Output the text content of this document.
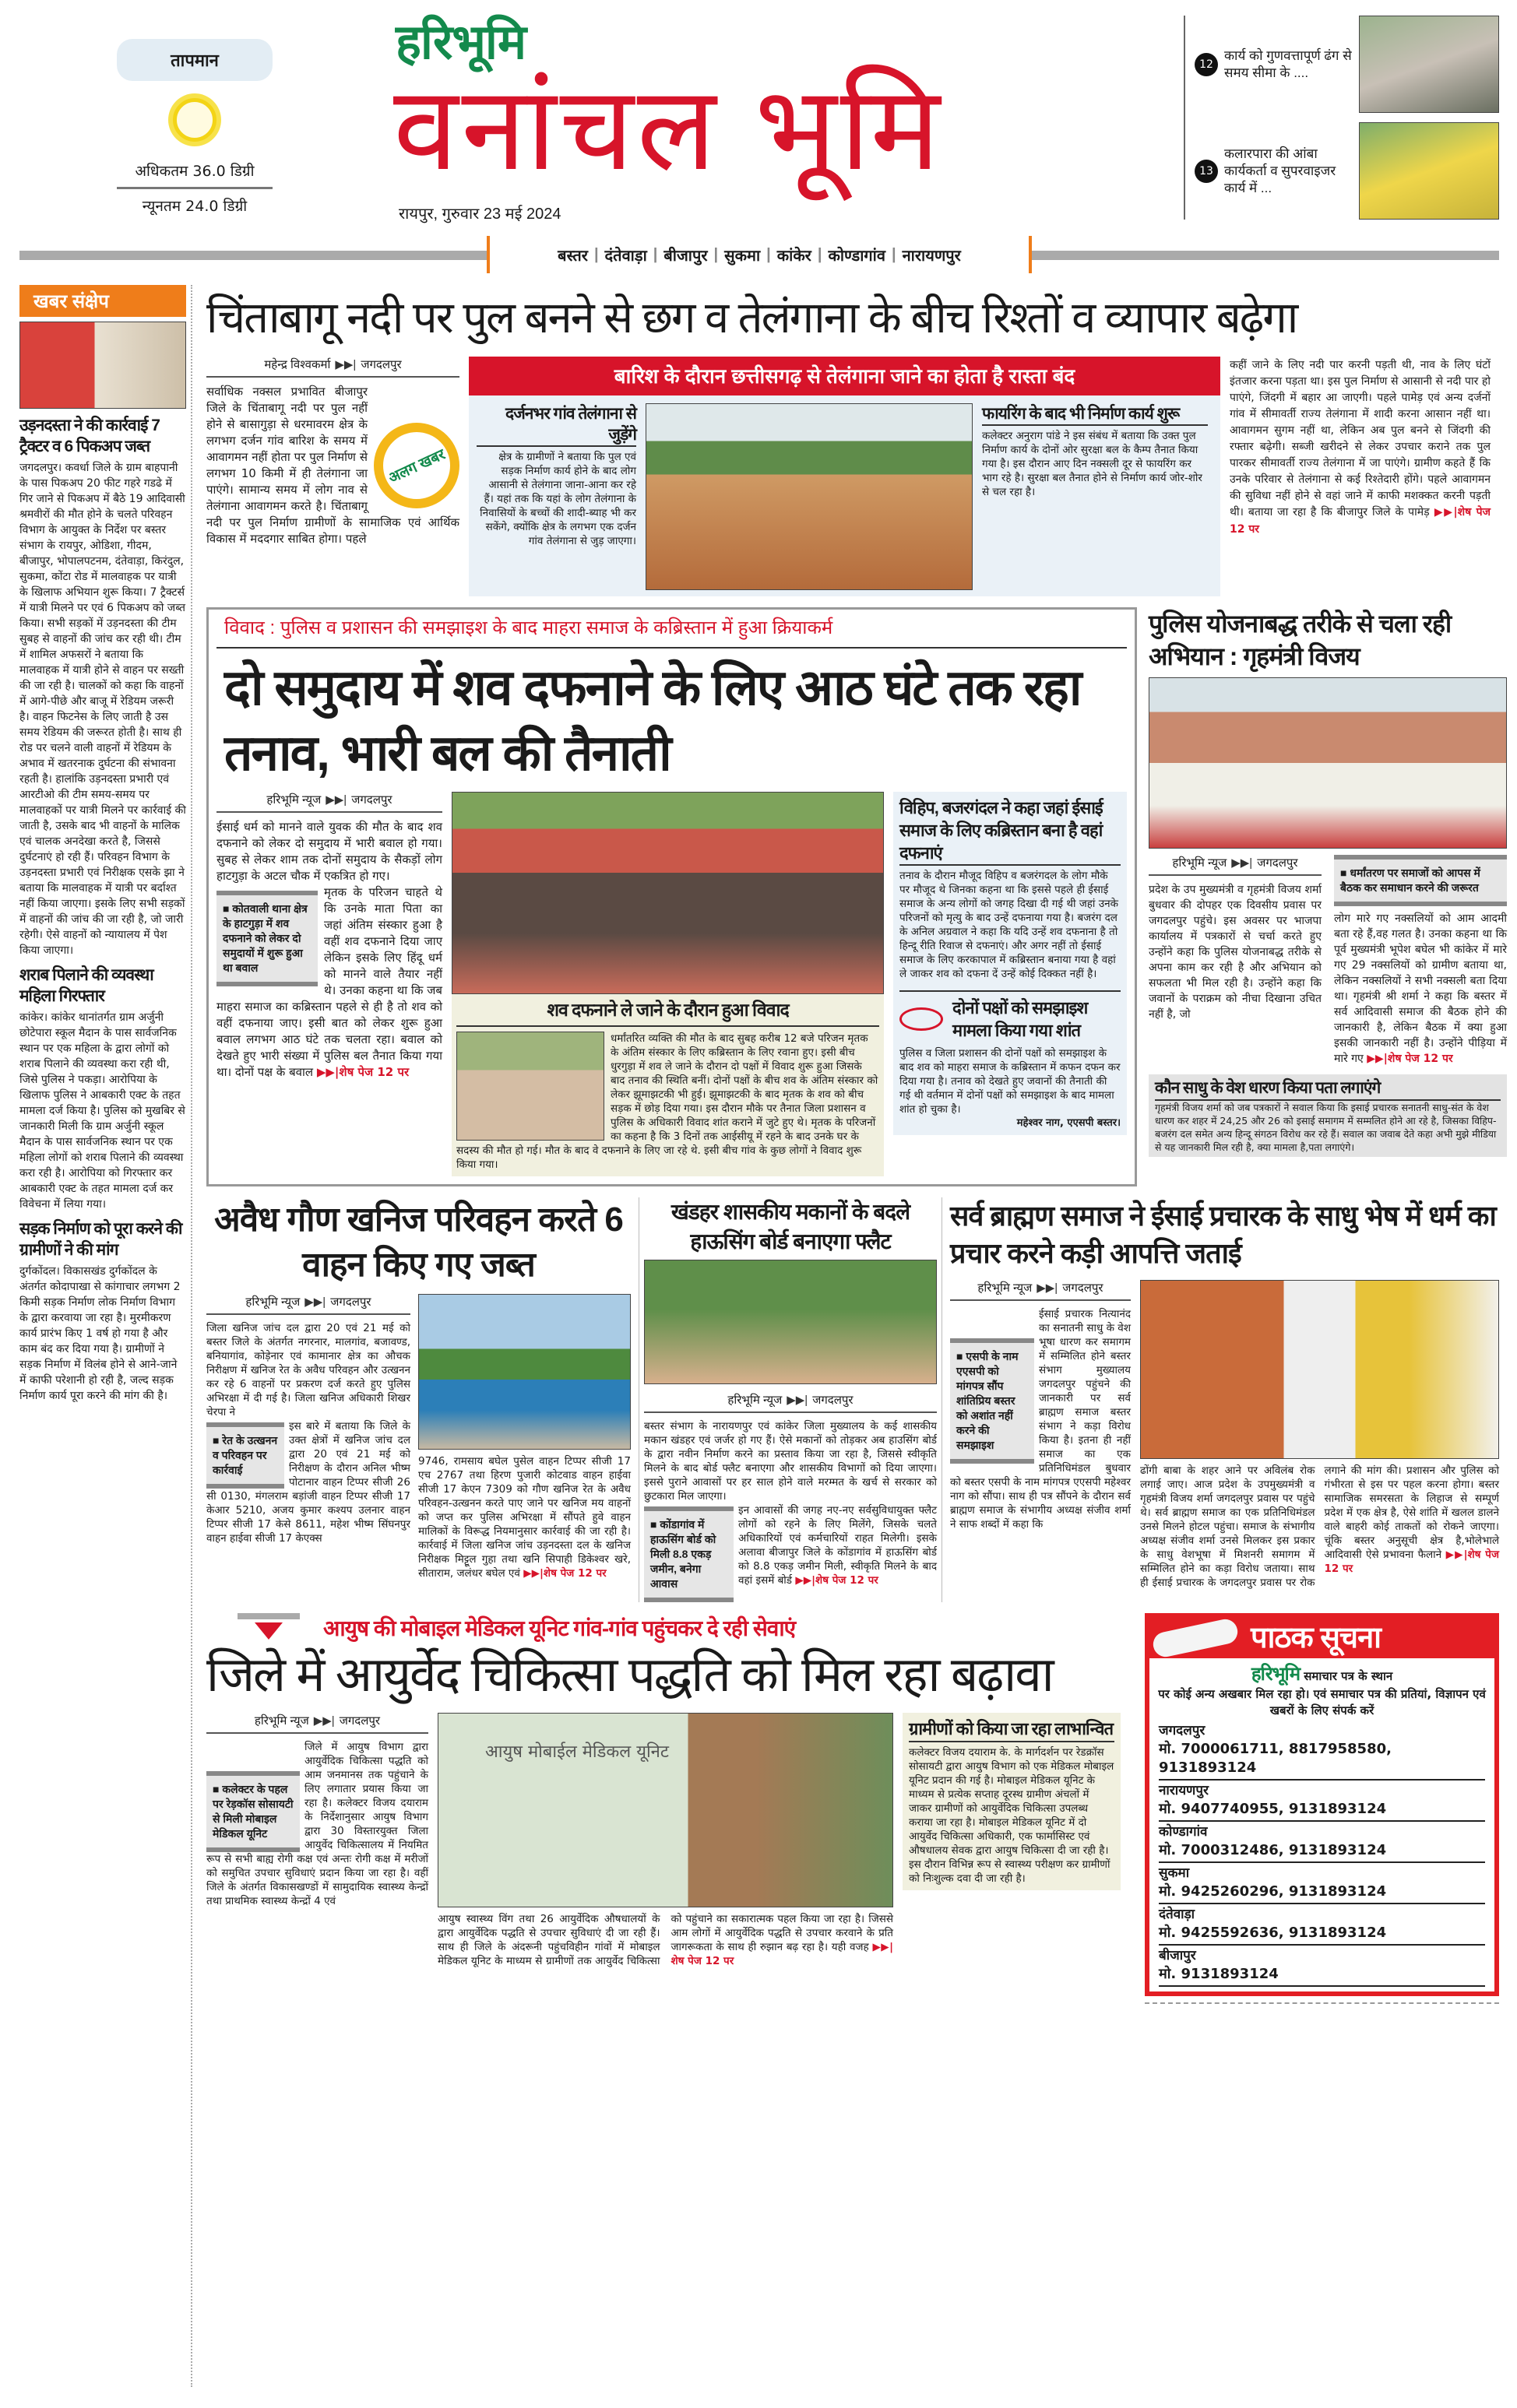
तापमान
अधिकतम 36.0 डिग्री
न्यूनतम 24.0 डिग्री
हरिभूमि
वनांचल भूमि
रायपुर, गुरुवार 23 मई 2024
12
कार्य को गुणवत्तापूर्ण ढंग से समय सीमा के ....
13
कलारपारा की आंबा कार्यकर्ता व सुपरवाइजर कार्य में ...
बस्तर | दंतेवाड़ा | बीजापुर | सुकमा | कांकेर | कोण्डागांव | नारायणपुर
खबर संक्षेप
उड़नदस्ता ने की कार्रवाई 7 ट्रैक्टर व 6 पिकअप जब्त
जगदलपुर। कवर्धा जिले के ग्राम बाहपानी के पास पिकअप 20 फीट गहरे गडढे में गिर जाने से पिकअप में बैठे 19 आदिवासी श्रमवीरों की मौत होने के चलते परिवहन विभाग के आयुक्त के निर्देश पर बस्तर संभाग के रायपुर, ओडिशा, गीदम, बीजापुर, भोपालपटनम, दंतेवाड़ा, किरंदुल, सुकमा, कोंटा रोड में मालवाहक पर यात्री के खिलाफ अभियान शुरू किया। 7 ट्रैक्टर्स में यात्री मिलने पर एवं 6 पिकअप को जब्त किया। सभी सड़कों में उड़नदस्ता की टीम सुबह से वाहनों की जांच कर रही थी। टीम में शामिल अफसरों ने बताया कि मालवाहक में यात्री होने से वाहन पर सख्ती की जा रही है। चालकों को कहा कि वाहनों में आगे-पीछे और बाजू में रेडियम जरूरी है। वाहन फिटनेस के लिए जाती है उस समय रेडियम की जरूरत होती है। साथ ही रोड पर चलने वाली वाहनों में रेडियम के अभाव में खतरनाक दुर्घटना की संभावना रहती है। हालांकि उड़नदस्ता प्रभारी एवं आरटीओ की टीम समय-समय पर मालवाहकों पर यात्री मिलने पर कार्रवाई की जाती है, उसके बाद भी वाहनों के मालिक एवं चालक अनदेखा करते है, जिससे दुर्घटनाएं हो रही हैं। परिवहन विभाग के उड़नदस्ता प्रभारी एवं निरीक्षक एसके झा ने बताया कि मालवाहक में यात्री पर बर्दाश्त नहीं किया जाएगा। इसके लिए सभी सड़कों में वाहनों की जांच की जा रही है, जो जारी रहेगी। ऐसे वाहनों को न्यायालय में पेश किया जाएगा।
शराब पिलाने की व्यवस्था महिला गिरफ्तार
कांकेर। कांकेर थानांतर्गत ग्राम अर्जुनी छोटेपारा स्कूल मैदान के पास सार्वजनिक स्थान पर एक महिला के द्वारा लोगों को शराब पिलाने की व्यवस्था करा रही थी, जिसे पुलिस ने पकड़ा। आरोपिया के खिलाफ पुलिस ने आबकारी एक्ट के तहत मामला दर्ज किया है। पुलिस को मुखबिर से जानकारी मिली कि ग्राम अर्जुनी स्कूल मैदान के पास सार्वजनिक स्थान पर एक महिला लोगों को शराब पिलाने की व्यवस्था करा रही है। आरोपिया को गिरफ्तार कर आबकारी एक्ट के तहत मामला दर्ज कर विवेचना में लिया गया।
सड़क निर्माण को पूरा करने की ग्रामीणों ने की मांग
दुर्गकोंदल। विकासखंड दुर्गकोंदल के अंतर्गत कोदापाखा से कांगाचार लगभग 2 किमी सड़क निर्माण लोक निर्माण विभाग के द्वारा करवाया जा रहा है। मुरमीकरण कार्य प्रारंभ किए 1 वर्ष हो गया है और काम बंद कर दिया गया है। ग्रामीणों ने सड़क निर्माण में विलंब होने से आने-जाने में काफी परेशानी हो रही है, जल्द सड़क निर्माण कार्य पूरा करने की मांग की है।
चिंताबागू नदी पर पुल बनने से छग व तेलंगाना के बीच रिश्तों व व्यापार बढ़ेगा
महेन्द्र विश्वकर्मा ▶▶| जगदलपुर
अलग खबर
सर्वाधिक नक्सल प्रभावित बीजापुर जिले के चिंताबागू नदी पर पुल नहीं होने से बासागुड़ा से धरमावरम क्षेत्र के लगभग दर्जन गांव बारिश के समय में आवागमन नहीं होता पर पुल निर्माण से लगभग 10 किमी में ही तेलंगाना जा पाएंगे। सामान्य समय में लोग नाव से तेलंगाना आवागमन करते है। चिंताबागू नदी पर पुल निर्माण ग्रामीणों के सामाजिक एवं आर्थिक विकास में मददगार साबित होगा। पहले
बारिश के दौरान छत्तीसगढ़ से तेलंगाना जाने का होता है रास्ता बंद
दर्जनभर गांव तेलंगाना से जुड़ेंगे
क्षेत्र के ग्रामीणों ने बताया कि पुल एवं सड़क निर्माण कार्य होने के बाद लोग आसानी से तेलंगाना जाना-आना कर रहे हैं। यहां तक कि यहां के लोग तेलंगाना के निवासियों के बच्चों की शादी-ब्याह भी कर सकेंगे, क्योंकि क्षेत्र के लगभग एक दर्जन गांव तेलंगाना से जुड़ जाएगा।
फायरिंग के बाद भी निर्माण कार्य शुरू
कलेक्टर अनुराग पांडे ने इस संबंध में बताया कि उक्त पुल निर्माण कार्य के दोनों ओर सुरक्षा बल के कैम्प तैनात किया गया है। इस दौरान आए दिन नक्सली दूर से फायरिंग कर भाग रहे है। सुरक्षा बल तैनात होने से निर्माण कार्य जोर-शोर से चल रहा है।
कहीं जाने के लिए नदी पार करनी पड़ती थी, नाव के लिए घंटों इंतजार करना पड़ता था। इस पुल निर्माण से आसानी से नदी पार हो पाएंगे, जिंदगी में बहार आ जाएगी। पहले पामेड़ एवं अन्य दर्जनों गांव में सीमावर्ती राज्य तेलंगाना में शादी करना आसान नहीं था। आवागमन सुगम नहीं था, लेकिन अब पुल बनने से जिंदगी की रफ्तार बढ़ेगी। सब्जी खरीदने से लेकर उपचार कराने तक पुल पारकर सीमावर्ती राज्य तेलंगाना में जा पाएंगे। ग्रामीण कहते हैं कि उनके परिवार से तेलंगाना से कई रिश्तेदारी होंगे। पहले आवागमन की सुविधा नहीं होने से वहां जाने में काफी मशक्कत करनी पड़ती थी। बताया जा रहा है कि बीजापुर जिले के पामेड़ ▶▶|शेष पेज 12 पर
विवाद : पुलिस व प्रशासन की समझाइश के बाद माहरा समाज के कब्रिस्तान में हुआ क्रियाकर्म
दो समुदाय में शव दफनाने के लिए आठ घंटे तक रहा तनाव, भारी बल की तैनाती
हरिभूमि न्यूज ▶▶| जगदलपुर
ईसाई धर्म को मानने वाले युवक की मौत के बाद शव दफनाने को लेकर दो समुदाय में भारी बवाल हो गया। सुबह से लेकर शाम तक दोनों समुदाय के सैकड़ों लोग हाटगुड़ा के अटल चौक में एकत्रित हो गए।
■ कोतवाली थाना क्षेत्र के हाटगुड़ा में शव दफनाने को लेकर दो समुदायों में शुरू हुआ था बवाल
मृतक के परिजन चाहते थे कि उनके माता पिता का जहां अंतिम संस्कार हुआ है वहीं शव दफनाने दिया जाए लेकिन इसके लिए हिंदू धर्म को मानने वाले तैयार नहीं थे। उनका कहना था कि जब माहरा समाज का कब्रिस्तान पहले से ही है तो शव को वहीं दफनाया जाए। इसी बात को लेकर शुरू हुआ बवाल लगभग आठ घंटे तक चलता रहा। बवाल को देखते हुए भारी संख्या में पुलिस बल तैनात किया गया था। दोनों पक्ष के बवाल ▶▶|शेष पेज 12 पर
शव दफनाने ले जाने के दौरान हुआ विवाद
धर्मांतरित व्यक्ति की मौत के बाद सुबह करीब 12 बजे परिजन मृतक के अंतिम संस्कार के लिए कब्रिस्तान के लिए रवाना हुए। इसी बीच धुरगुड़ा में शव ले जाने के दौरान दो पक्षों में विवाद शुरू हुआ जिसके बाद तनाव की स्थिति बनीं। दोनों पक्षों के बीच शव के अंतिम संस्कार को लेकर झूमाझटकी भी हुई। झूमाझटकी के बाद मृतक के शव को बीच सड़क में छोड़ दिया गया। इस दौरान मौके पर तैनात जिला प्रशासन व पुलिस के अधिकारी विवाद शांत कराने में जुटे हुए थे। मृतक के परिजनों का कहना है कि 3 दिनों तक आईसीयू में रहने के बाद उनके घर के सदस्य की मौत हो गई। मौत के बाद वे दफनाने के लिए जा रहे थे. इसी बीच गांव के कुछ लोगों ने विवाद शुरू किया गया।
विहिप, बजरगंदल ने कहा जहां ईसाई समाज के लिए कब्रिस्तान बना है वहां दफनाएं
तनाव के दौरान मौजूद विहिप व बजरंगदल के लोग मौके पर मौजूद थे जिनका कहना था कि इससे पहले ही ईसाई समाज के अन्य लोगों को जगह दिखा दी गई थी जहां उनके परिजनों को मृत्यु के बाद उन्हें दफनाया गया है। बजरंग दल के अनिल अग्रवाल ने कहा कि यदि उन्हें शव दफनाना है तो हिन्दू रीति रिवाज से दफनाएं। और अगर नहीं तो ईसाई समाज के लिए करकापाल में कब्रिस्तान बनाया गया है वहां ले जाकर शव को दफना दें उन्हें कोई दिक्कत नहीं है।
दोनों पक्षों को समझाइश मामला किया गया शांत
पुलिस व जिला प्रशासन की दोनों पक्षों को समझाइश के बाद शव को माहरा समाज के कब्रिस्तान में कफन दफन कर दिया गया है। तनाव को देखते हुए जवानों की तैनाती की गई थी वर्तमान में दोनों पक्षों को समझाइश के बाद मामला शांत हो चुका है।
महेश्वर नाग, एएसपी बस्तर।
पुलिस योजनाबद्ध तरीके से चला रही अभियान : गृहमंत्री विजय
हरिभूमि न्यूज ▶▶| जगदलपुर
प्रदेश के उप मुख्यमंत्री व गृहमंत्री विजय शर्मा बुधवार की दोपहर एक दिवसीय प्रवास पर जगदलपुर पहुंचे। इस अवसर पर भाजपा कार्यालय में पत्रकारों से चर्चा करते हुए उन्होंने कहा कि पुलिस योजनाबद्ध तरीके से अपना काम कर रही है और अभियान को सफलता भी मिल रही है। उन्होंने कहा कि जवानों के पराक्रम को नीचा दिखाना उचित नहीं है, जो
■ धर्मांतरण पर समाजों को आपस में बैठक कर समाधान करने की जरूरत
लोग मारे गए नक्सलियों को आम आदमी बता रहे हैं,वह गलत है। उनका कहना था कि पूर्व मुख्यमंत्री भूपेश बघेल भी कांकेर में मारे गए 29 नक्सलियों को ग्रामीण बताया था, लेकिन नक्सलियों ने सभी नक्सली बता दिया था। गृहमंत्री श्री शर्मा ने कहा कि बस्तर में सर्व आदिवासी समाज की बैठक होने की जानकारी है, लेकिन बैठक में क्या हुआ इसकी जानकारी नहीं है। उन्होंने पीड़िया में मारे गए ▶▶|शेष पेज 12 पर
कौन साधु के वेश धारण किया पता लगाएंगे
गृहमंत्री विजय शर्मा को जब पत्रकारों ने सवाल किया कि इसाई प्रचारक सनातनी साधु-संत के वेश धारण कर शहर में 24,25 और 26 को इसाई समागम में सम्मलित होने आ रहे है, जिसका विहिप-बजरंग दल समेत अन्य हिन्दू संगठन विरोध कर रहे हैं। सवाल का जवाब देते कहा अभी मुझे मीडिया से यह जानकारी मिल रही है, क्या मामला है,पता लगाएंगे।
अवैध गौण खनिज परिवहन करते 6 वाहन किए गए जब्त
हरिभूमि न्यूज ▶▶| जगदलपुर
जिला खनिज जांच दल द्वारा 20 एवं 21 मई को बस्तर जिले के अंतर्गत नगरनार, मालगांव, बजावण्ड, बनियागांव, कोड़ेनार एवं कामानार क्षेत्र का औचक निरीक्षण में खनिज रेत के अवैध परिवहन और उत्खनन कर रहे 6 वाहनों पर प्रकरण दर्ज करते हुए पुलिस अभिरक्षा में दी गई है। जिला खनिज अधिकारी शिखर चेरपा ने
■ रेत के उत्खनन व परिवहन पर कार्रवाई
इस बारे में बताया कि जिले के उक्त क्षेत्रों में खनिज जांच दल द्वारा 20 एवं 21 मई को निरीक्षण के दौरान अनिल भीष्म पोटानार वाहन टिप्पर सीजी 26 सी 0130, मंगलराम बड़ांजी वाहन टिप्पर सीजी 17 केआर 5210, अजय कुमार कश्यप उलनार वाहन टिप्पर सीजी 17 केसे 8611, महेश भीष्म सिंघनपुर वाहन हाईवा सीजी 17 केएक्स
9746, रामसाय बघेल पुसेल वाहन टिप्पर सीजी 17 एच 2767 तथा हिरण पुजारी कोटवाड वाहन हाईवा सीजी 17 केएन 7309 को गौण खनिज रेत के अवैध परिवहन-उत्खनन करते पाए जाने पर खनिज मय वाहनों को जप्त कर पुलिस अभिरक्षा में सौंपते हुवे वाहन मालिकों के विरूद्ध नियमानुसार कार्रवाई की जा रही है। कार्रवाई में जिला खनिज जांच उड़नदस्ता दल के खनिज निरीक्षक मिट्टूल गुहा तथा खनि सिपाही डिकेश्वर खरे, सीताराम, जलंधर बघेल एवं ▶▶|शेष पेज 12 पर
खंडहर शासकीय मकानों के बदले हाऊसिंग बोर्ड बनाएगा फ्लैट
हरिभूमि न्यूज ▶▶| जगदलपुर
बस्तर संभाग के नारायणपुर एवं कांकेर जिला मुख्यालय के कई शासकीय मकान खंडहर एवं जर्जर हो गए हैं। ऐसे मकानों को तोड़कर अब हाउसिंग बोर्ड के द्वारा नवीन निर्माण करने का प्रस्ताव किया जा रहा है, जिससे स्वीकृति मिलने के बाद बोर्ड फ्लैट बनाएगा और शासकीय विभागों को दिया जाएगा। इससे पुराने आवासों पर हर साल होने वाले मरम्मत के खर्च से सरकार को छुटकारा मिल जाएगा।
■ कोंडागांव में हाऊसिंग बोर्ड को मिली 8.8 एकड़ जमीन, बनेगा आवास
इन आवासों की जगह नए-नए सर्वसुविधायुक्त फ्लैट लोगों को रहने के लिए मिलेंगे, जिसके चलते अधिकारियों एवं कर्मचारियों राहत मिलेगी। इसके अलावा बीजापुर जिले के कोंडागांव में हाऊसिंग बोर्ड को 8.8 एकड़ जमीन मिली, स्वीकृति मिलने के बाद वहां इसमें बोर्ड ▶▶|शेष पेज 12 पर
सर्व ब्राह्मण समाज ने ईसाई प्रचारक के साधु भेष में धर्म का प्रचार करने कड़ी आपत्ति जताई
हरिभूमि न्यूज ▶▶| जगदलपुर
■ एसपी के नाम एएसपी को मांगपत्र सौंप शांतिप्रिय बस्तर को अशांत नहीं करने की समझाइश
ईसाई प्रचारक नित्यानंद का सनातनी साधु के वेश भूषा धारण कर समागम में सम्मिलित होने बस्तर संभाग मुख्यालय जगदलपुर पहुंचने की जानकारी पर सर्व ब्राह्मण समाज बस्तर संभाग ने कड़ा विरोध किया है। इतना ही नहीं समाज का एक प्रतिनिधिमंडल बुधवार को बस्तर एसपी के नाम मांगपत्र एएसपी महेश्वर नाग को सौंपा। साथ ही पत्र सौंपने के दौरान सर्व ब्राह्मण समाज के संभागीय अध्यक्ष संजीव शर्मा ने साफ शब्दों में कहा कि
ढोंगी बाबा के शहर आने पर अविलंब रोक लगाई जाए। आज प्रदेश के उपमुख्यमंत्री व गृहमंत्री विजय शर्मा जगदलपुर प्रवास पर पहुंचे थे। सर्व ब्राह्मण समाज का एक प्रतिनिधिमंडल उनसे मिलने होटल पहुंचा। समाज के संभागीय अध्यक्ष संजीव शर्मा उनसे मिलकर इस प्रकार के साधु वेशभूषा में मिशनरी समागम में सम्मिलित होने का कड़ा विरोध जताया। साथ ही ईसाई प्रचारक के जगदलपुर प्रवास पर रोक लगाने की मांग की। प्रशासन और पुलिस को गंभीरता से इस पर पहल करना होगा। बस्तर सामाजिक समरसता के लिहाज से सम्पूर्ण प्रदेश में एक क्षेत्र है, ऐसे शांति में खलल डालने वाले बाहरी कोई ताकतों को रोकने जाएगा। चूंकि बस्तर अनुसूची क्षेत्र है,भोलेभाले आदिवासी ऐसे प्रभावना फैलाने ▶▶|शेष पेज 12 पर
आयुष की मोबाइल मेडिकल यूनिट गांव-गांव पहुंचकर दे रही सेवाएं
जिले में आयुर्वेद चिकित्सा पद्धति को मिल रहा बढ़ावा
हरिभूमि न्यूज ▶▶| जगदलपुर
■ कलेक्टर के पहल पर रेड़कॉस सोसायटी से मिली मोबाइल मेडिकल यूनिट
जिले में आयुष विभाग द्वारा आयुर्वेदिक चिकित्सा पद्धति को आम जनमानस तक पहुंचाने के लिए लगातार प्रयास किया जा रहा है। कलेक्टर विजय दयाराम के निर्देशानुसार आयुष विभाग द्वारा 30 विस्तारयुक्त जिला आयुर्वेद चिकित्सालय में नियमित रूप से सभी बाह्य रोगी कक्ष एवं अन्तः रोगी कक्ष में मरीजों को समुचित उपचार सुविधाएं प्रदान किया जा रहा है। वहीं जिले के अंतर्गत विकासखण्डों में सामुदायिक स्वास्थ्य केन्द्रों तथा प्राथमिक स्वास्थ्य केन्द्रों 4 एवं
आयुष मोबाईल मेडिकल यूनिट
आयुष स्वास्थ्य विंग तथा 26 आयुर्वेदिक औषधालयों के द्वारा आयुर्वेदिक पद्धति से उपचार सुविधाएं दी जा रही हैं। साथ ही जिले के अंदरूनी पहुंचविहीन गांवों में मोबाइल मेडिकल यूनिट के माध्यम से ग्रामीणों तक आयुर्वेद चिकित्सा को पहुंचाने का सकारात्मक पहल किया जा रहा है। जिससे आम लोगों में आयुर्वेदिक पद्धति से उपचार करवाने के प्रति जागरूकता के साथ ही रुझान बढ़ रहा है। यही वजह ▶▶|शेष पेज 12 पर
ग्रामीणों को किया जा रहा लाभान्वित
कलेक्टर विजय दयाराम के. के मार्गदर्शन पर रेडक्रॉस सोसायटी द्वारा आयुष विभाग को एक मेडिकल मोबाइल यूनिट प्रदान की गई है। मोबाइल मेडिकल यूनिट के माध्यम से प्रत्येक सप्ताह दूरस्थ ग्रामीण अंचलों में जाकर ग्रामीणों को आयुर्वेदिक चिकित्सा उपलब्ध कराया जा रहा है। मोबाइल मेडिकल यूनिट में दो आयुर्वेद चिकित्सा अधिकारी, एक फार्मासिस्ट एवं औषधालय सेवक द्वारा आयुष चिकित्सा दी जा रही है। इस दौरान विभिन्न रूप से स्वास्थ्य परीक्षण कर ग्रामीणों को निःशुल्क दवा दी जा रही है।
पाठक सूचना
हरिभूमि समाचार पत्र के स्थान
पर कोई अन्य अखबार मिल रहा हो। एवं समाचार पत्र की प्रतियां, विज्ञापन एवं खबरों के लिए संपर्क करें
जगदलपुर
मो. 7000061711, 8817958580, 9131893124
नारायणपुर
मो. 9407740955, 9131893124
कोण्डागांव
मो. 7000312486, 9131893124
सुकमा
मो. 9425260296, 9131893124
दंतेवाड़ा
मो. 9425592636, 9131893124
बीजापुर
मो. 9131893124
